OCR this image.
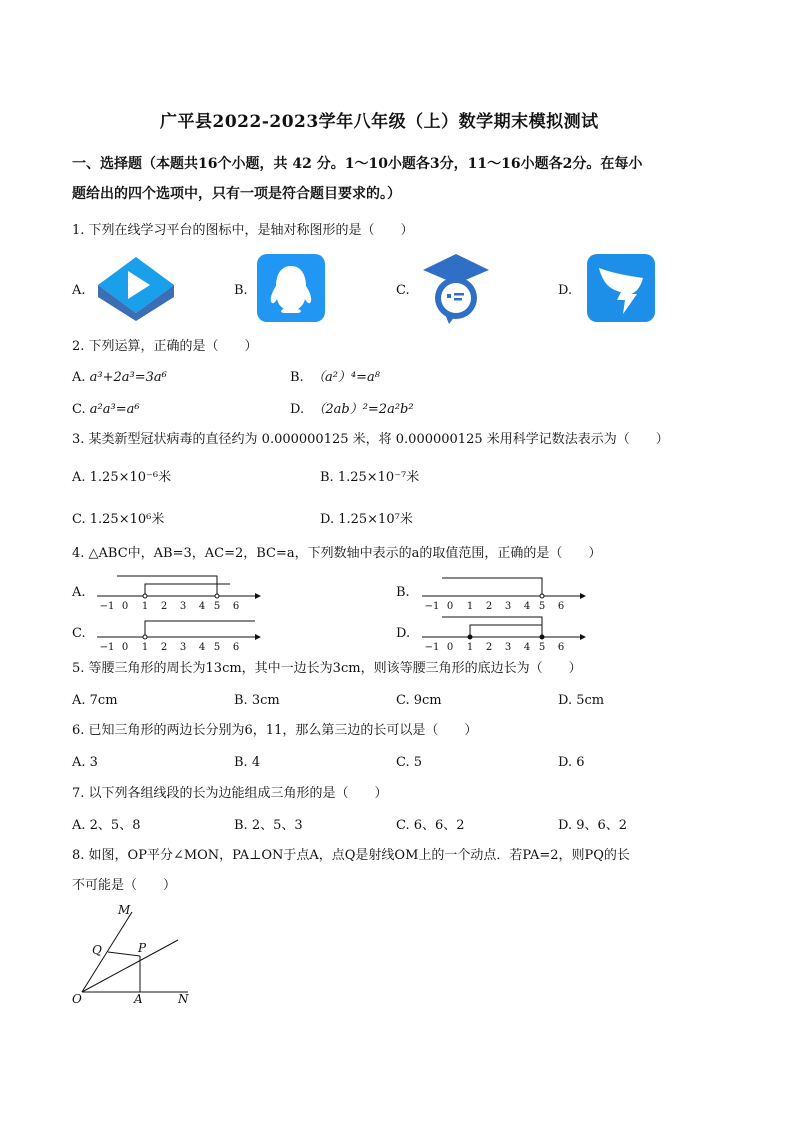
广平县2022-2023学年八年级（上）数学期末模拟测试
一、选择题（本题共16个小题，共 42 分。1～10小题各3分，11～16小题各2分。在每小
题给出的四个选项中，只有一项是符合题目要求的。）
1. 下列在线学习平台的图标中，是轴对称图形的是（　　）
A.	B.	C.	D.
2. 下列运算，正确的是（　　）
A. a³+2a³=3a⁶	B. （a²）⁴=a⁸
C. a²a³=a⁶	D. （2ab）²=2a²b²
3. 某类新型冠状病毒的直径约为 0.000000125 米，将 0.000000125 米用科学记数法表示为（　　）
A. 1.25×10⁻⁶米	B. 1.25×10⁻⁷米
C. 1.25×10⁶米	D. 1.25×10⁷米
4. △ABC中，AB=3，AC=2，BC=a，下列数轴中表示的a的取值范围，正确的是（　　）
A.	B.
C.	D.
−1 0 1 2 3 4 5 6	−1 0 1 2 3 4 5 6
−1 0 1 2 3 4 5 6	−1 0 1 2 3 4 5 6
5. 等腰三角形的周长为13cm，其中一边长为3cm，则该等腰三角形的底边长为（　　）
A. 7cm	B. 3cm	C. 9cm	D. 5cm
6. 已知三角形的两边长分别为6，11，那么第三边的长可以是（　　）
A. 3	B. 4	C. 5	D. 6
7. 以下列各组线段的长为边能组成三角形的是（　　）
A. 2、5、8	B. 2、5、3	C. 6、6、2	D. 9、6、2
8. 如图，OP平分∠MON，PA⊥ON于点A，点Q是射线OM上的一个动点．若PA=2，则PQ的长
不可能是（　　）
M
Q	P
O	A	N
